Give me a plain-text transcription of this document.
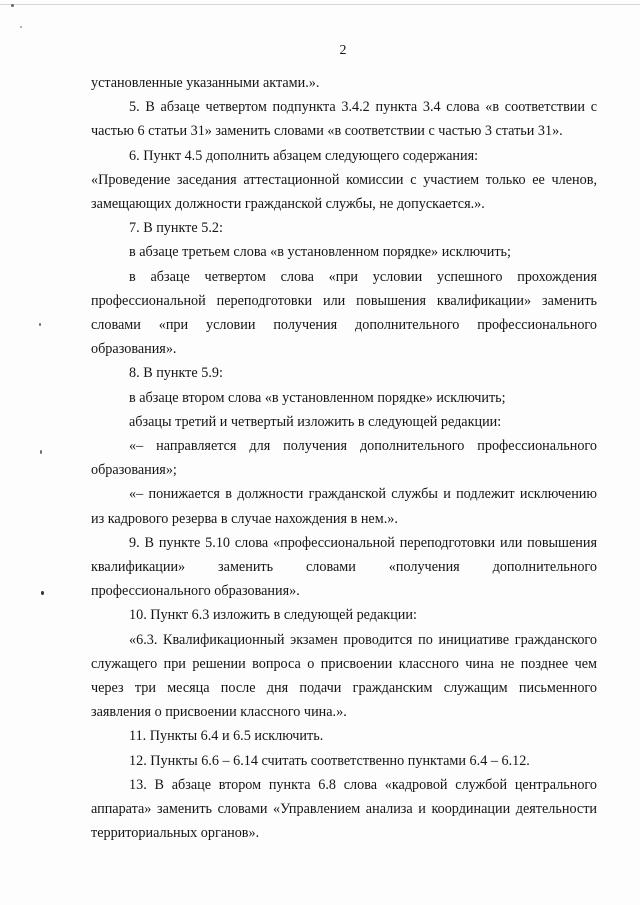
2

установленные указанными актами.».

5. В абзаце четвертом подпункта 3.4.2 пункта 3.4 слова «в соответствии с частью 6 статьи 31» заменить словами «в соответствии с частью 3 статьи 31».

6. Пункт 4.5 дополнить абзацем следующего содержания:

«Проведение заседания аттестационной комиссии с участием только ее членов, замещающих должности гражданской службы, не допускается.».

7. В пункте 5.2:

в абзаце третьем слова «в установленном порядке» исключить;

в абзаце четвертом слова «при условии успешного прохождения профессиональной переподготовки или повышения квалификации» заменить словами «при условии получения дополнительного профессионального образования».

8. В пункте 5.9:

в абзаце втором слова «в установленном порядке» исключить;

абзацы третий и четвертый изложить в следующей редакции:

«– направляется для получения дополнительного профессионального образования»;

«– понижается в должности гражданской службы и подлежит исключению из кадрового резерва в случае нахождения в нем.».

9. В пункте 5.10 слова «профессиональной переподготовки или повышения квалификации» заменить словами «получения дополнительного профессионального образования».

10. Пункт 6.3 изложить в следующей редакции:

«6.3. Квалификационный экзамен проводится по инициативе гражданского служащего при решении вопроса о присвоении классного чина не позднее чем через три месяца после дня подачи гражданским служащим письменного заявления о присвоении классного чина.».

11. Пункты 6.4 и 6.5 исключить.

12. Пункты 6.6 – 6.14 считать соответственно пунктами 6.4 – 6.12.

13. В абзаце втором пункта 6.8 слова «кадровой службой центрального аппарата» заменить словами «Управлением анализа и координации деятельности территориальных органов».
